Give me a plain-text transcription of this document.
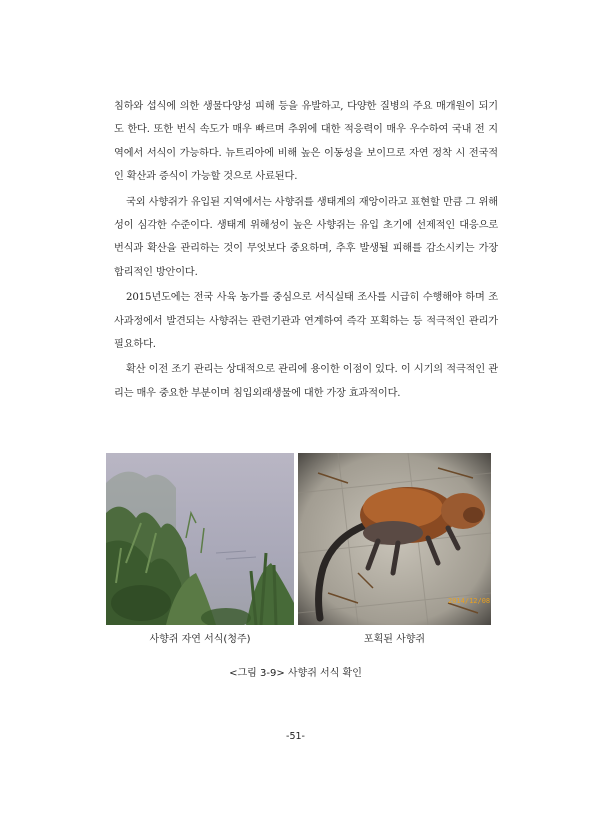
침하와 섭식에 의한 생물다양성 피해 등을 유발하고, 다양한 질병의 주요 매개원이 되기도 한다. 또한 번식 속도가 매우 빠르며 추위에 대한 적응력이 매우 우수하여 국내 전 지역에서 서식이 가능하다. 뉴트리아에 비해 높은 이동성을 보이므로 자연 정착 시 전국적인 확산과 증식이 가능할 것으로 사료된다.

국외 사향쥐가 유입된 지역에서는 사향쥐를 생태계의 재앙이라고 표현할 만큼 그 위해성이 심각한 수준이다. 생태계 위해성이 높은 사향쥐는 유입 초기에 선제적인 대응으로 번식과 확산을 관리하는 것이 무엇보다 중요하며, 추후 발생될 피해를 감소시키는 가장 합리적인 방안이다.

2015년도에는 전국 사육 농가를 중심으로 서식실태 조사를 시급히 수행해야 하며 조사과정에서 발견되는 사향쥐는 관련기관과 연계하여 즉각 포획하는 등 적극적인 관리가 필요하다.

확산 이전 조기 관리는 상대적으로 관리에 용이한 이점이 있다. 이 시기의 적극적인 관리는 매우 중요한 부분이며 침입외래생물에 대한 가장 효과적이다.

2014/12/08
사향쥐 자연 서식(청주)	포획된 사향쥐
<그림 3-9> 사향쥐 서식 확인
-51-
